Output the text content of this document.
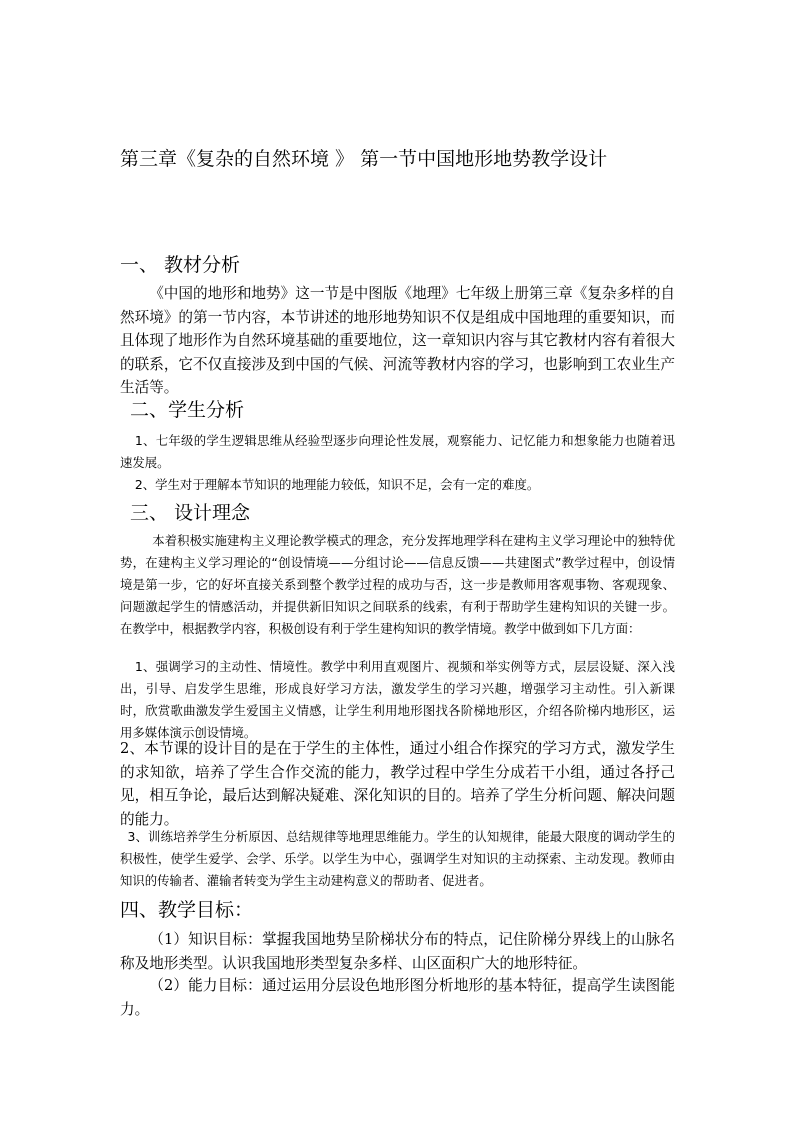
第三章《复杂的自然环境 》 第一节中国地形地势教学设计
一、 教材分析
《中国的地形和地势》这一节是中图版《地理》七年级上册第三章《复杂多样的自然环境》的第一节内容，本节讲述的地形地势知识不仅是组成中国地理的重要知识，而且体现了地形作为自然环境基础的重要地位，这一章知识内容与其它教材内容有着很大的联系，它不仅直接涉及到中国的气候、河流等教材内容的学习，也影响到工农业生产生活等。
二、学生分析
1、七年级的学生逻辑思维从经验型逐步向理论性发展，观察能力、记忆能力和想象能力也随着迅速发展。
2、学生对于理解本节知识的地理能力较低，知识不足，会有一定的难度。
三、 设计理念
本着积极实施建构主义理论教学模式的理念，充分发挥地理学科在建构主义学习理论中的独特优势，在建构主义学习理论的“创设情境——分组讨论——信息反馈——共建图式”教学过程中，创设情境是第一步，它的好坏直接关系到整个教学过程的成功与否，这一步是教师用客观事物、客观现象、问题激起学生的情感活动，并提供新旧知识之间联系的线索，有利于帮助学生建构知识的关键一步。在教学中，根据教学内容，积极创设有利于学生建构知识的教学情境。教学中做到如下几方面：
1、强调学习的主动性、情境性。教学中利用直观图片、视频和举实例等方式，层层设疑、深入浅出，引导、启发学生思维，形成良好学习方法，激发学生的学习兴趣，增强学习主动性。引入新课时，欣赏歌曲激发学生爱国主义情感，让学生利用地形图找各阶梯地形区，介绍各阶梯内地形区，运用多媒体演示创设情境。
2、本节课的设计目的是在于学生的主体性，通过小组合作探究的学习方式，激发学生的求知欲，培养了学生合作交流的能力，教学过程中学生分成若干小组，通过各抒己见，相互争论，最后达到解决疑难、深化知识的目的。培养了学生分析问题、解决问题的能力。
3、训练培养学生分析原因、总结规律等地理思维能力。学生的认知规律，能最大限度的调动学生的积极性，使学生爱学、会学、乐学。以学生为中心，强调学生对知识的主动探索、主动发现。教师由知识的传输者、灌输者转变为学生主动建构意义的帮助者、促进者。
四、教学目标：
（1）知识目标：掌握我国地势呈阶梯状分布的特点，记住阶梯分界线上的山脉名称及地形类型。认识我国地形类型复杂多样、山区面积广大的地形特征。
（2）能力目标：通过运用分层设色地形图分析地形的基本特征，提高学生读图能力。
